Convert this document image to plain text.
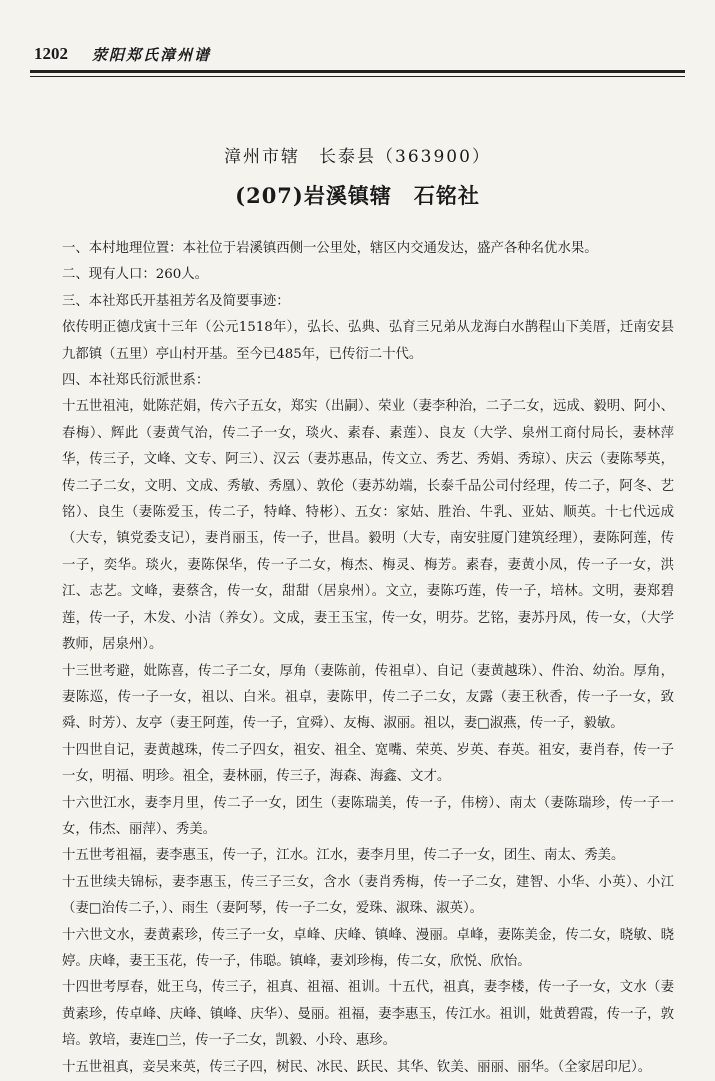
1202 荥阳郑氏漳州谱
漳州市辖　长泰县（363900）
(207)岩溪镇辖　石铭社

一、本村地理位置：本社位于岩溪镇西侧一公里处，辖区内交通发达，盛产各种名优水果。

二、现有人口：260人。

三、本社郑氏开基祖芳名及简要事迹：

依传明正德戊寅十三年（公元1518年），弘长、弘典、弘育三兄弟从龙海白水鹊程山下美厝，迁南安县九都镇（五里）亭山村开基。至今已485年，已传衍二十代。

四、本社郑氏衍派世系：

十五世祖沌，妣陈茫娟，传六子五女，郑实（出嗣）、荣业（妻李种治，二子二女，远成、毅明、阿小、春梅）、辉此（妻黄气治，传二子一女，琰火、素春、素莲）、良友（大学、泉州工商付局长，妻林萍华，传三子，文峰、文专、阿三）、汉云（妻苏惠品，传文立、秀艺、秀娟、秀琼）、庆云（妻陈琴英，传二子二女，文明、文成、秀敏、秀凰）、敦伦（妻苏幼端，长泰千品公司付经理，传二子，阿冬、艺铭）、良生（妻陈爱玉，传二子，特峰、特彬）、五女：家姑、胜治、牛乳、亚姑、顺英。十七代远成（大专，镇党委支记），妻肖丽玉，传一子，世昌。毅明（大专，南安驻厦门建筑经理），妻陈阿莲，传一子，奕华。琰火，妻陈保华，传一子二女，梅杰、梅灵、梅芳。素春，妻黄小凤，传一子一女，洪江、志艺。文峰，妻蔡含，传一女，甜甜（居泉州）。文立，妻陈巧莲，传一子，培林。文明，妻郑碧莲，传一子，木发、小洁（养女）。文成，妻王玉宝，传一女，明芬。艺铭，妻苏丹凤，传一女，（大学教师，居泉州）。

十三世考避，妣陈喜，传二子二女，厚角（妻陈前，传祖卓）、自记（妻黄越珠）、件治、幼治。厚角，妻陈巡，传一子一女，祖以、白米。祖卓，妻陈甲，传二子二女，友露（妻王秋香，传一子一女，致舜、时芳）、友亭（妻王阿莲，传一子，宜舜）、友梅、淑丽。祖以，妻□淑燕，传一子，毅敏。

十四世自记，妻黄越珠，传二子四女，祖安、祖全、宽嘴、荣英、岁英、春英。祖安，妻肖春，传一子一女，明福、明珍。祖全，妻林丽，传三子，海森、海鑫、文才。

十六世江水，妻李月里，传二子一女，团生（妻陈瑞美，传一子，伟榜）、南太（妻陈瑞珍，传一子一女，伟杰、丽萍）、秀美。

十五世考祖福，妻李惠玉，传一子，江水。江水，妻李月里，传二子一女，团生、南太、秀美。

十五世续夫锦标，妻李惠玉，传三子三女，含水（妻肖秀梅，传一子二女，建智、小华、小英）、小江（妻□治传二子，）、雨生（妻阿琴，传一子二女，爱珠、淑珠、淑英）。

十六世文水，妻黄素珍，传三子一女，卓峰、庆峰、镇峰、漫丽。卓峰，妻陈美金，传二女，晓敏、晓婷。庆峰，妻王玉花，传一子，伟聪。镇峰，妻刘珍梅，传二女，欣悦、欣怡。

十四世考厚春，妣王乌，传三子，祖真、祖福、祖训。十五代，祖真，妻李楼，传一子一女，文水（妻黄素珍，传卓峰、庆峰、镇峰、庆华）、曼丽。祖福，妻李惠玉，传江水。祖训，妣黄碧霞，传一子，敦培。敦培，妻连□兰，传一子二女，凯毅、小玲、惠珍。

十五世祖真，妾吴来英，传三子四，树民、冰民、跃民、其华、钦美、丽丽、丽华。（全家居印尼）。
